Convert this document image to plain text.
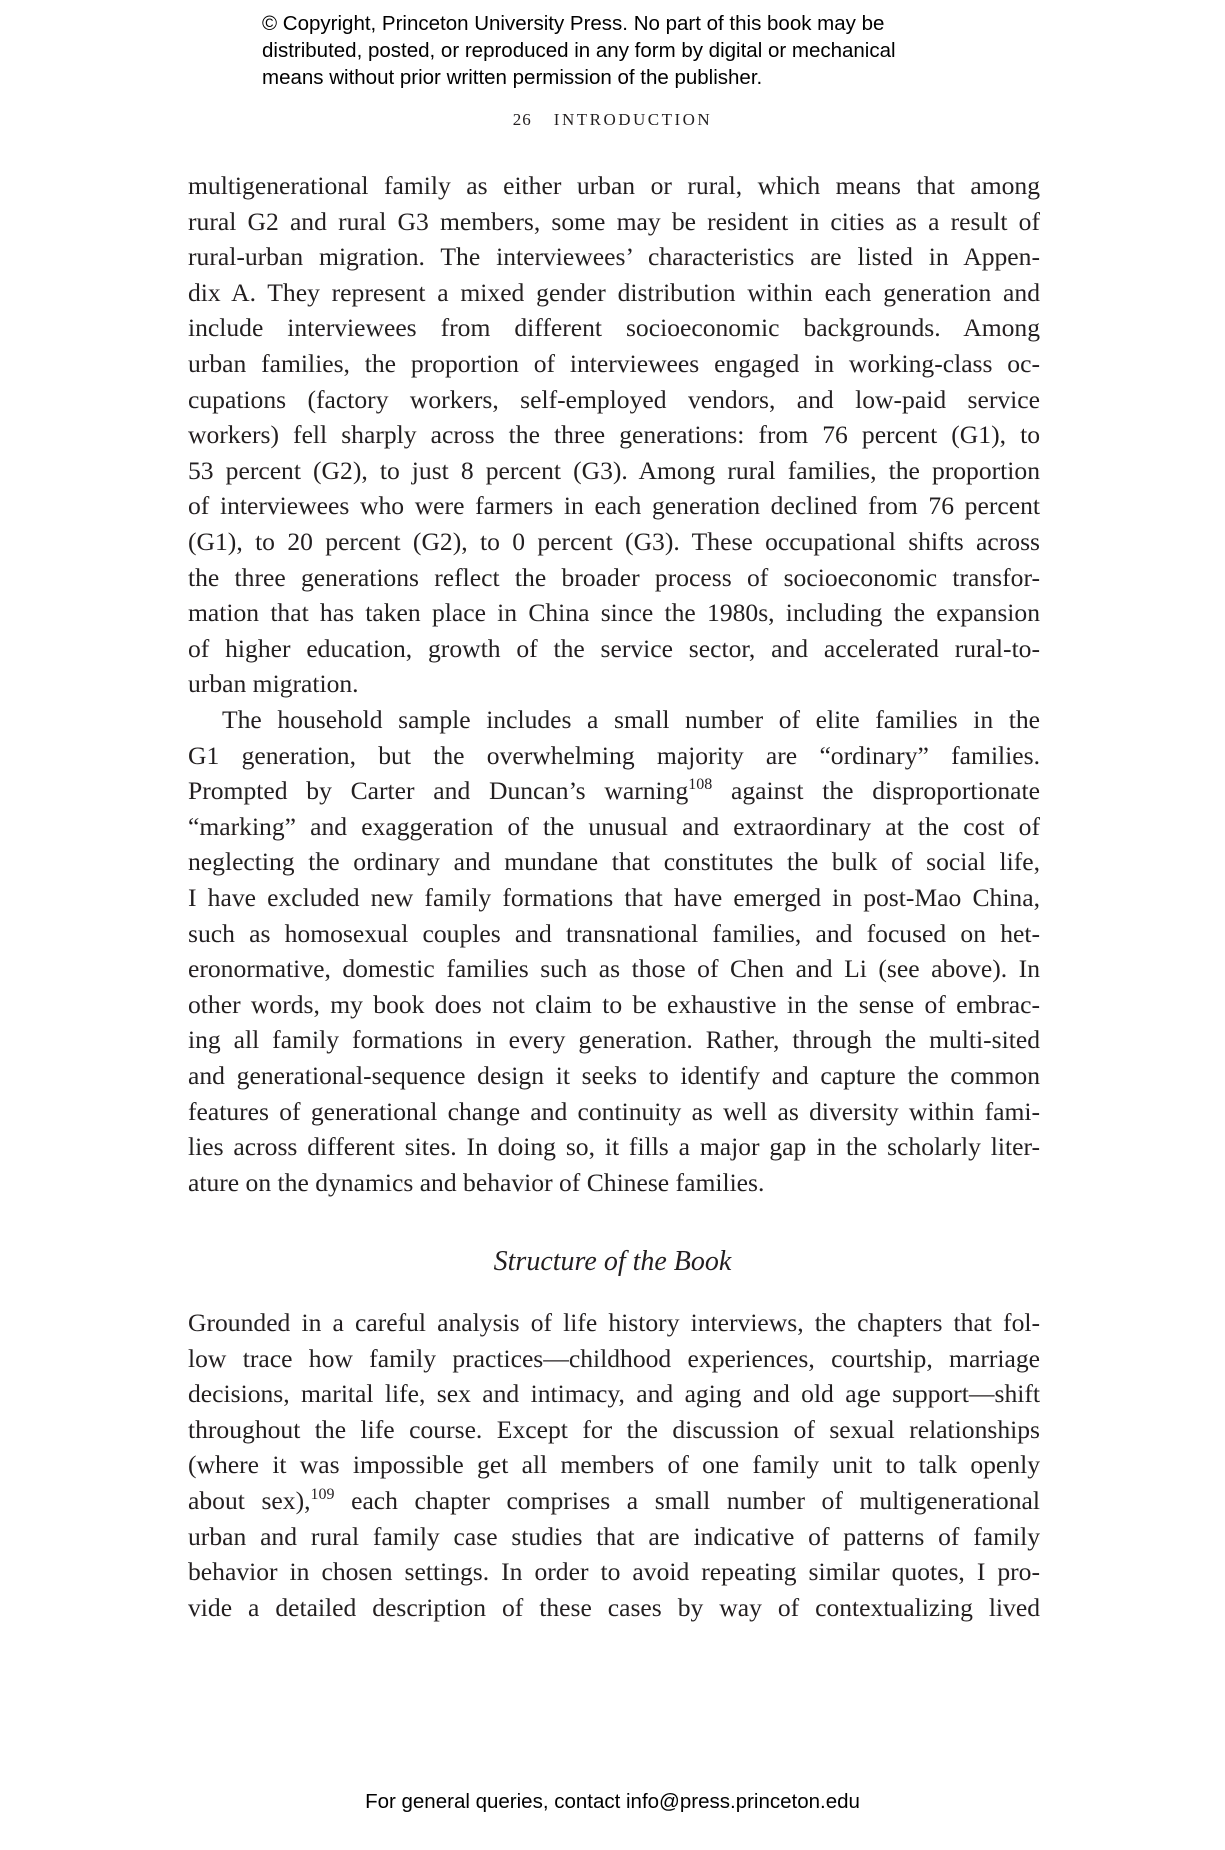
© Copyright, Princeton University Press. No part of this book may be
distributed, posted, or reproduced in any form by digital or mechanical
means without prior written permission of the publisher.
26 INTRODUCTION
multigenerational family as either urban or rural, which means that among
rural G2 and rural G3 members, some may be resident in cities as a result of
rural-urban migration. The interviewees’ characteristics are listed in Appen-
dix A. They represent a mixed gender distribution within each generation and
include interviewees from different socioeconomic backgrounds. Among
urban families, the proportion of interviewees engaged in working-class oc-
cupations (factory workers, self-employed vendors, and low-paid service
workers) fell sharply across the three generations: from 76 percent (G1), to
53 percent (G2), to just 8 percent (G3). Among rural families, the proportion
of interviewees who were farmers in each generation declined from 76 percent
(G1), to 20 percent (G2), to 0 percent (G3). These occupational shifts across
the three generations reflect the broader process of socioeconomic transfor-
mation that has taken place in China since the 1980s, including the expansion
of higher education, growth of the service sector, and accelerated rural-to-
urban migration.
The household sample includes a small number of elite families in the
G1 generation, but the overwhelming majority are “ordinary” families.
Prompted by Carter and Duncan’s warning$^{108}$ against the disproportionate
“marking” and exaggeration of the unusual and extraordinary at the cost of
neglecting the ordinary and mundane that constitutes the bulk of social life,
I have excluded new family formations that have emerged in post-Mao China,
such as homosexual couples and transnational families, and focused on het-
eronormative, domestic families such as those of Chen and Li (see above). In
other words, my book does not claim to be exhaustive in the sense of embrac-
ing all family formations in every generation. Rather, through the multi-sited
and generational-sequence design it seeks to identify and capture the common
features of generational change and continuity as well as diversity within fami-
lies across different sites. In doing so, it fills a major gap in the scholarly liter-
ature on the dynamics and behavior of Chinese families.
Structure of the Book
Grounded in a careful analysis of life history interviews, the chapters that fol-
low trace how family practices—childhood experiences, courtship, marriage
decisions, marital life, sex and intimacy, and aging and old age support—shift
throughout the life course. Except for the discussion of sexual relationships
(where it was impossible get all members of one family unit to talk openly
about sex),$^{109}$ each chapter comprises a small number of multigenerational
urban and rural family case studies that are indicative of patterns of family
behavior in chosen settings. In order to avoid repeating similar quotes, I pro-
vide a detailed description of these cases by way of contextualizing lived
For general queries, contact info@press.princeton.edu
